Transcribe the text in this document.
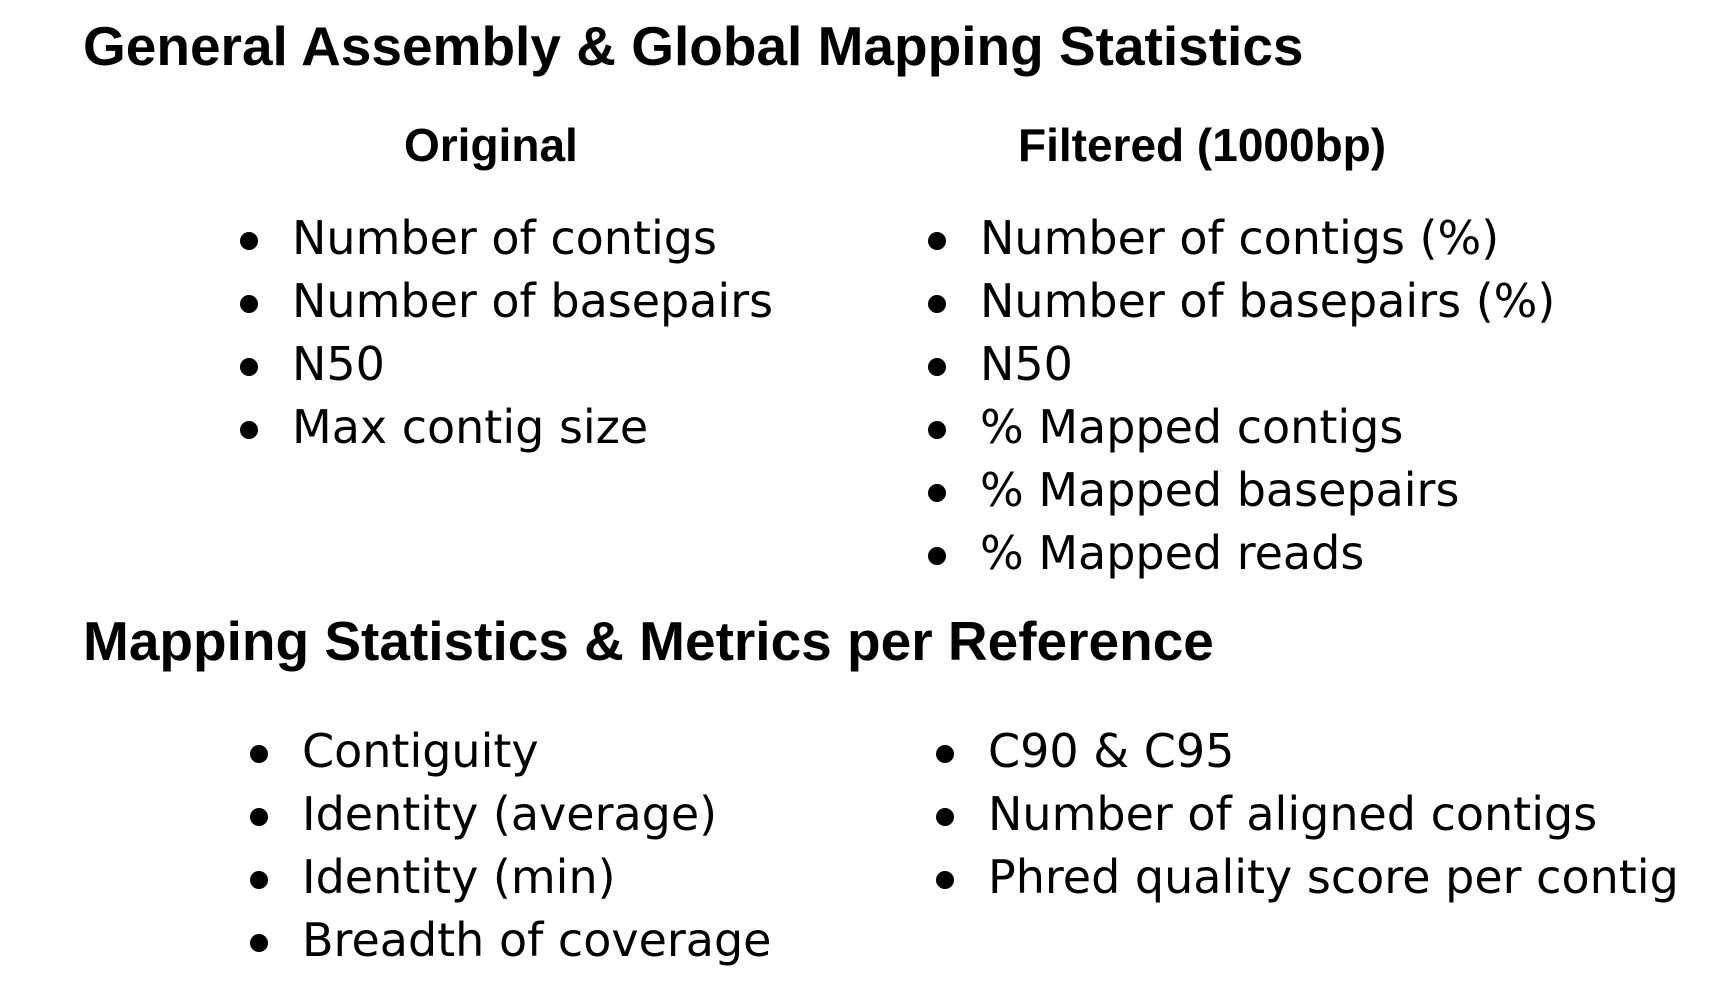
General Assembly & Global Mapping Statistics
Original	Filtered (1000bp)
Number of contigs
Number of basepairs
N50
Max contig size
Number of contigs (%)
Number of basepairs (%)
N50
% Mapped contigs
% Mapped basepairs
% Mapped reads
Mapping Statistics & Metrics per Reference
Contiguity
Identity (average)
Identity (min)
Breadth of coverage
C90 & C95
Number of aligned contigs
Phred quality score per contig
